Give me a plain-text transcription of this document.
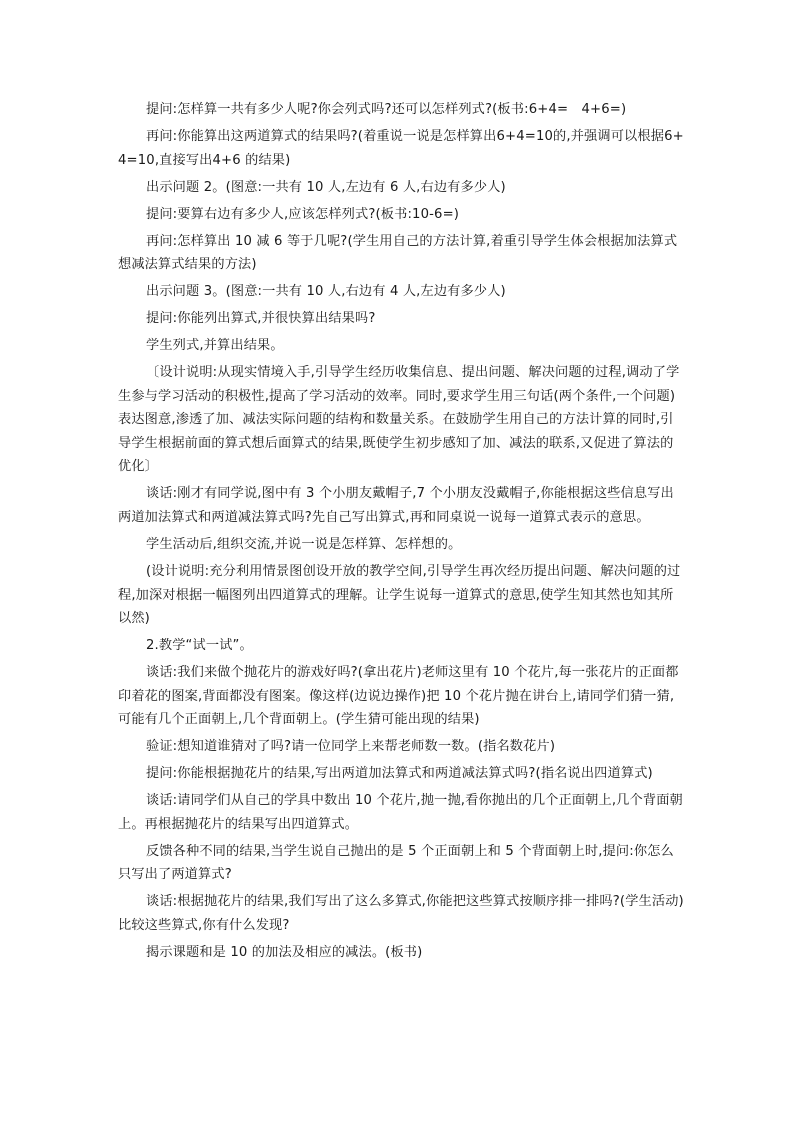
提问:怎样算一共有多少人呢?你会列式吗?还可以怎样列式?(板书:6+4=　4+6=)

再问:你能算出这两道算式的结果吗?(着重说一说是怎样算出6+4=10的,并强调可以根据6+4=10,直接写出4+6 的结果)

出示问题 2。(图意:一共有 10 人,左边有 6 人,右边有多少人)

提问:要算右边有多少人,应该怎样列式?(板书:10-6=)

再问:怎样算出 10 减 6 等于几呢?(学生用自己的方法计算,着重引导学生体会根据加法算式想减法算式结果的方法)

出示问题 3。(图意:一共有 10 人,右边有 4 人,左边有多少人)

提问:你能列出算式,并很快算出结果吗?

学生列式,并算出结果。

〔设计说明:从现实情境入手,引导学生经历收集信息、提出问题、解决问题的过程,调动了学生参与学习活动的积极性,提高了学习活动的效率。同时,要求学生用三句话(两个条件,一个问题)表达图意,渗透了加、减法实际问题的结构和数量关系。在鼓励学生用自己的方法计算的同时,引导学生根据前面的算式想后面算式的结果,既使学生初步感知了加、减法的联系,又促进了算法的优化〕

谈话:刚才有同学说,图中有 3 个小朋友戴帽子,7 个小朋友没戴帽子,你能根据这些信息写出两道加法算式和两道减法算式吗?先自己写出算式,再和同桌说一说每一道算式表示的意思。

学生活动后,组织交流,并说一说是怎样算、怎样想的。

(设计说明:充分利用情景图创设开放的教学空间,引导学生再次经历提出问题、解决问题的过程,加深对根据一幅图列出四道算式的理解。让学生说每一道算式的意思,使学生知其然也知其所以然)

2.教学“试一试”。

谈话:我们来做个抛花片的游戏好吗?(拿出花片)老师这里有 10 个花片,每一张花片的正面都印着花的图案,背面都没有图案。像这样(边说边操作)把 10 个花片抛在讲台上,请同学们猜一猜,可能有几个正面朝上,几个背面朝上。(学生猜可能出现的结果)

验证:想知道谁猜对了吗?请一位同学上来帮老师数一数。(指名数花片)

提问:你能根据抛花片的结果,写出两道加法算式和两道减法算式吗?(指名说出四道算式)

谈话:请同学们从自己的学具中数出 10 个花片,抛一抛,看你抛出的几个正面朝上,几个背面朝上。再根据抛花片的结果写出四道算式。

反馈各种不同的结果,当学生说自己抛出的是 5 个正面朝上和 5 个背面朝上时,提问:你怎么只写出了两道算式?

谈话:根据抛花片的结果,我们写出了这么多算式,你能把这些算式按顺序排一排吗?(学生活动)比较这些算式,你有什么发现?

揭示课题和是 10 的加法及相应的减法。(板书)
